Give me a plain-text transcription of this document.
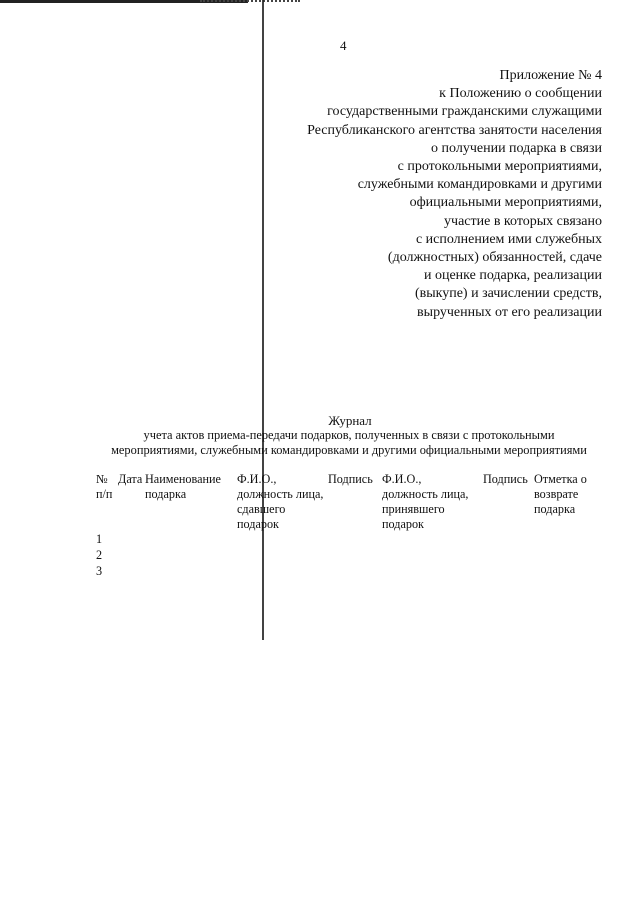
4
Приложение № 4
к Положению о сообщении
государственными гражданскими служащими
Республиканского агентства занятости населения
о получении подарка в связи
с протокольными мероприятиями,
служебными командировками и другими
официальными мероприятиями,
участие в которых связано
с исполнением ими служебных
(должностных) обязанностей, сдаче
и оценке подарка, реализации
(выкупе) и зачислении средств,
вырученных от его реализации
Журнал
учета актов приема-передачи подарков, полученных в связи с протокольными
мероприятиями, служебными командировками и другими официальными мероприятиями
№
п/п
Дата Наименование
подарка
Ф.И.О.,
должность лица,
сдавшего
подарок
Подпись Ф.И.О.,
должность лица,
принявшего
подарок
Подпись Отметка о
возврате
подарка
1
2
3
